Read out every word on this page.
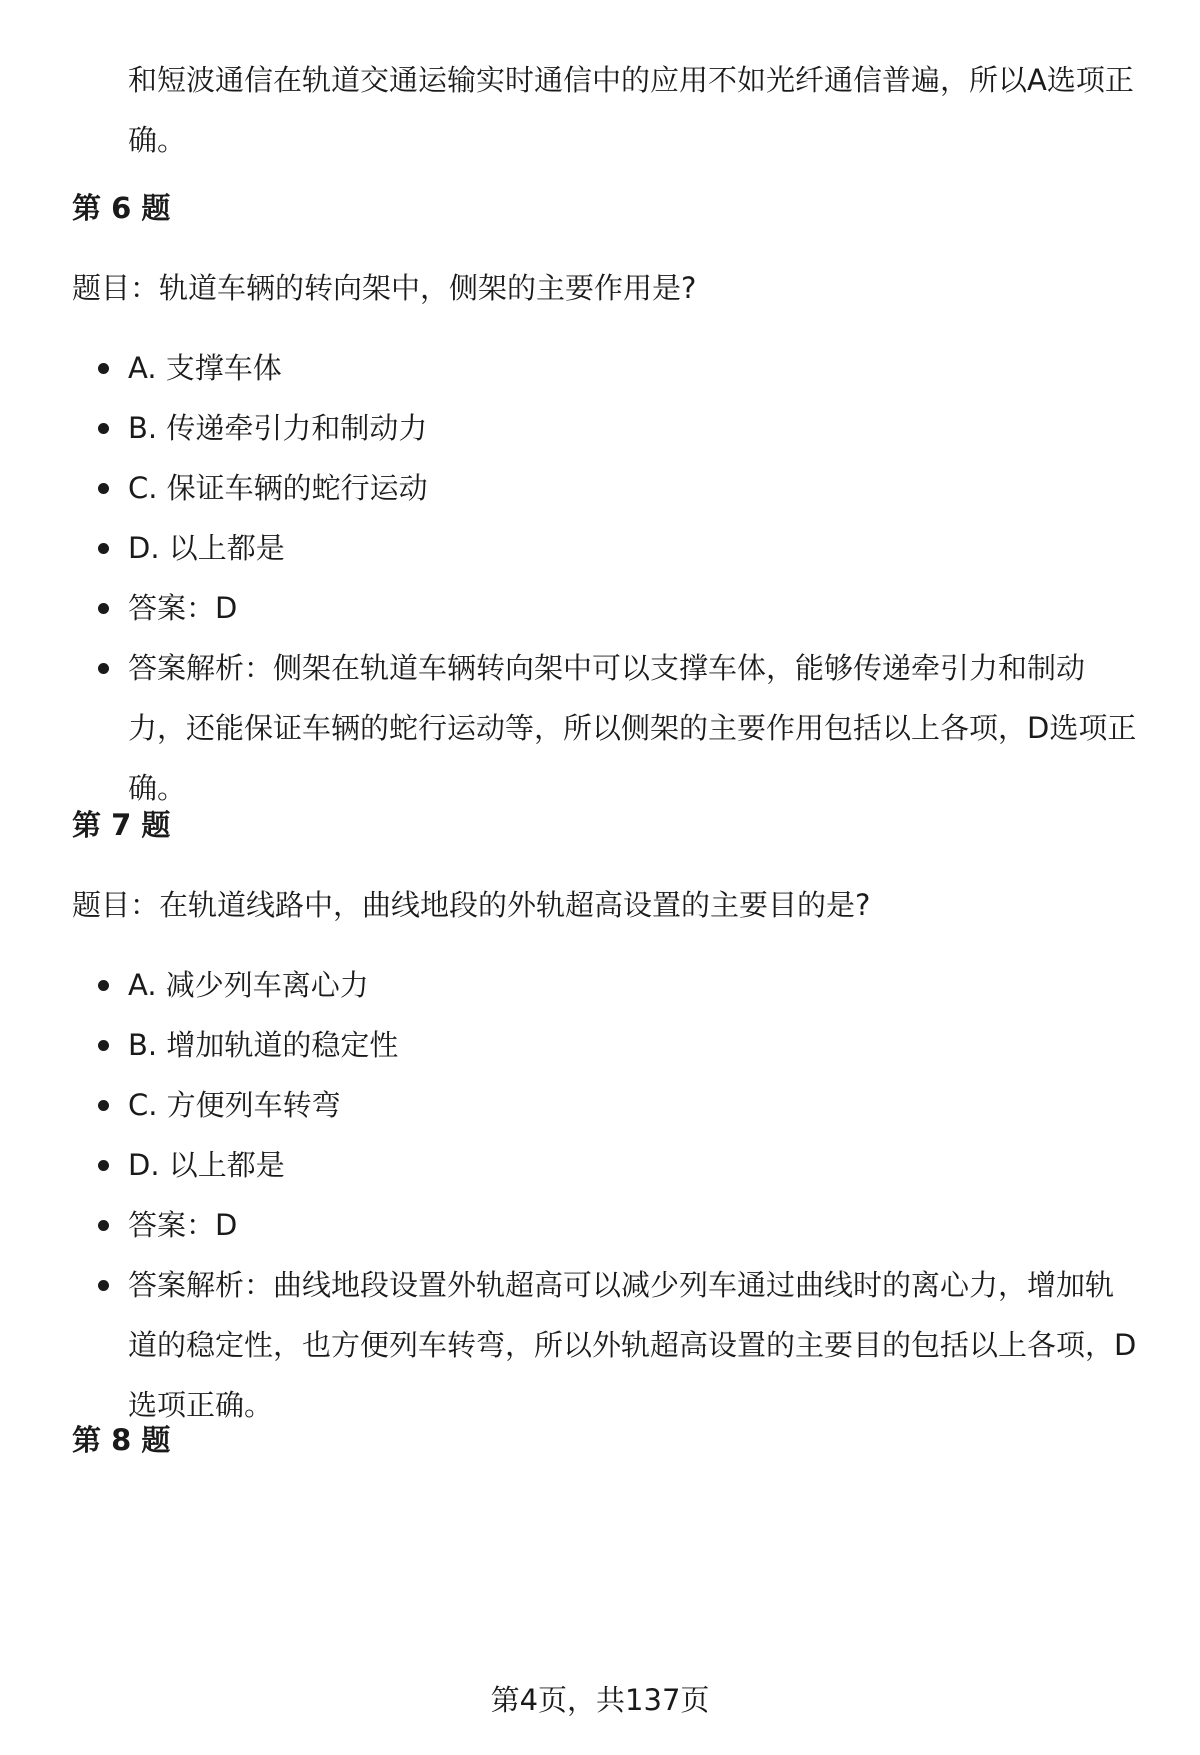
和短波通信在轨道交通运输实时通信中的应用不如光纤通信普遍，所以A选项正确。

第 6 题

题目：轨道车辆的转向架中，侧架的主要作用是?

A. 支撑车体
B. 传递牵引力和制动力
C. 保证车辆的蛇行运动
D. 以上都是
答案：D
答案解析：侧架在轨道车辆转向架中可以支撑车体，能够传递牵引力和制动力，还能保证车辆的蛇行运动等，所以侧架的主要作用包括以上各项，D选项正确。
第 7 题

题目：在轨道线路中，曲线地段的外轨超高设置的主要目的是?

A. 减少列车离心力
B. 增加轨道的稳定性
C. 方便列车转弯
D. 以上都是
答案：D
答案解析：曲线地段设置外轨超高可以减少列车通过曲线时的离心力，增加轨道的稳定性，也方便列车转弯，所以外轨超高设置的主要目的包括以上各项，D选项正确。
第 8 题
第4页，共137页
